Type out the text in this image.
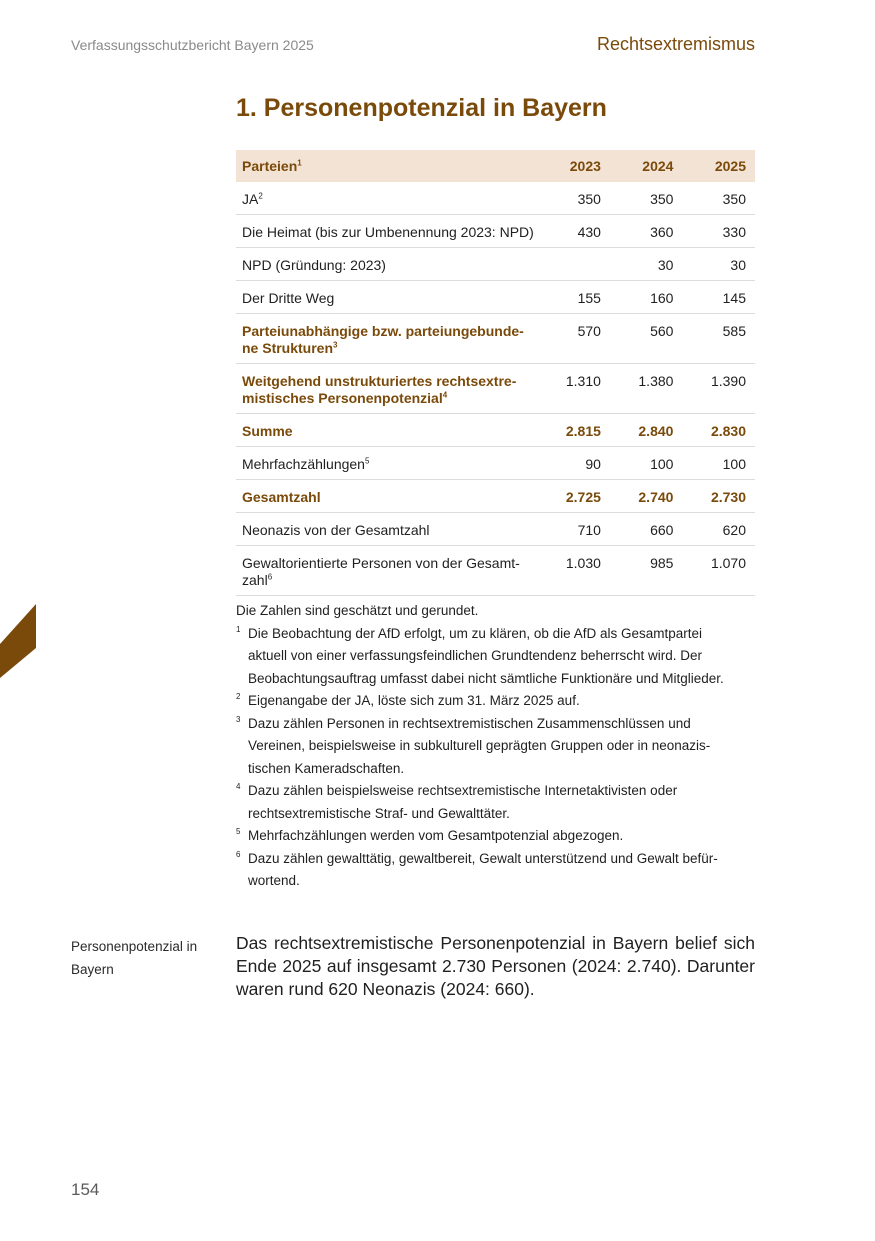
Verfassungsschutzbericht Bayern 2025	Rechtsextremismus
1. Personenpotenzial in Bayern
Parteien$^1$	2023	2024	2025
$JA^2$	350	350	350
Die Heimat (bis zur Umbenennung 2023: NPD)	430	360	330
NPD (Gründung: 2023)		30	30
Der Dritte Weg	155	160	145
Parteiunabhängige bzw. parteiungebunde-
ne Strukturen$^3$	570	560	585
Weitgehend unstrukturiertes rechtsextre-
mistisches Personenpotenzial$^4$	1.310	1.380	1.390
Summe	2.815	2.840	2.830
Mehrfachzählungen$^5$	90	100	100
Gesamtzahl	2.725	2.740	2.730
Neonazis von der Gesamtzahl	710	660	620
Gewaltorientierte Personen von der Gesamt-
zahl$^6$	1.030	985	1.070

Die Zahlen sind geschätzt und gerundet.

1 Die Beobachtung der AfD erfolgt, um zu klären, ob die AfD als Gesamtpartei
aktuell von einer verfassungsfeindlichen Grundtendenz beherrscht wird. Der
Beobachtungsauftrag umfasst dabei nicht sämtliche Funktionäre und Mitglieder.
2 Eigenangabe der JA, löste sich zum 31. März 2025 auf.
3 Dazu zählen Personen in rechtsextremistischen Zusammenschlüssen und
Vereinen, beispielsweise in subkulturell geprägten Gruppen oder in neonazis-
tischen Kameradschaften.
4 Dazu zählen beispielsweise rechtsextremistische Internetaktivisten oder
rechtsextremistische Straf- und Gewalttäter.
5 Mehrfachzählungen werden vom Gesamtpotenzial abgezogen.
6 Dazu zählen gewalttätig, gewaltbereit, Gewalt unterstützend und Gewalt befür-
wortend.
Personenpotenzial in
Bayern

Das rechtsextremistische Personenpotenzial in Bayern belief sich Ende 2025 auf insgesamt 2.730 Personen (2024: 2.740). Darunter waren rund 620 Neonazis (2024: 660).

154
